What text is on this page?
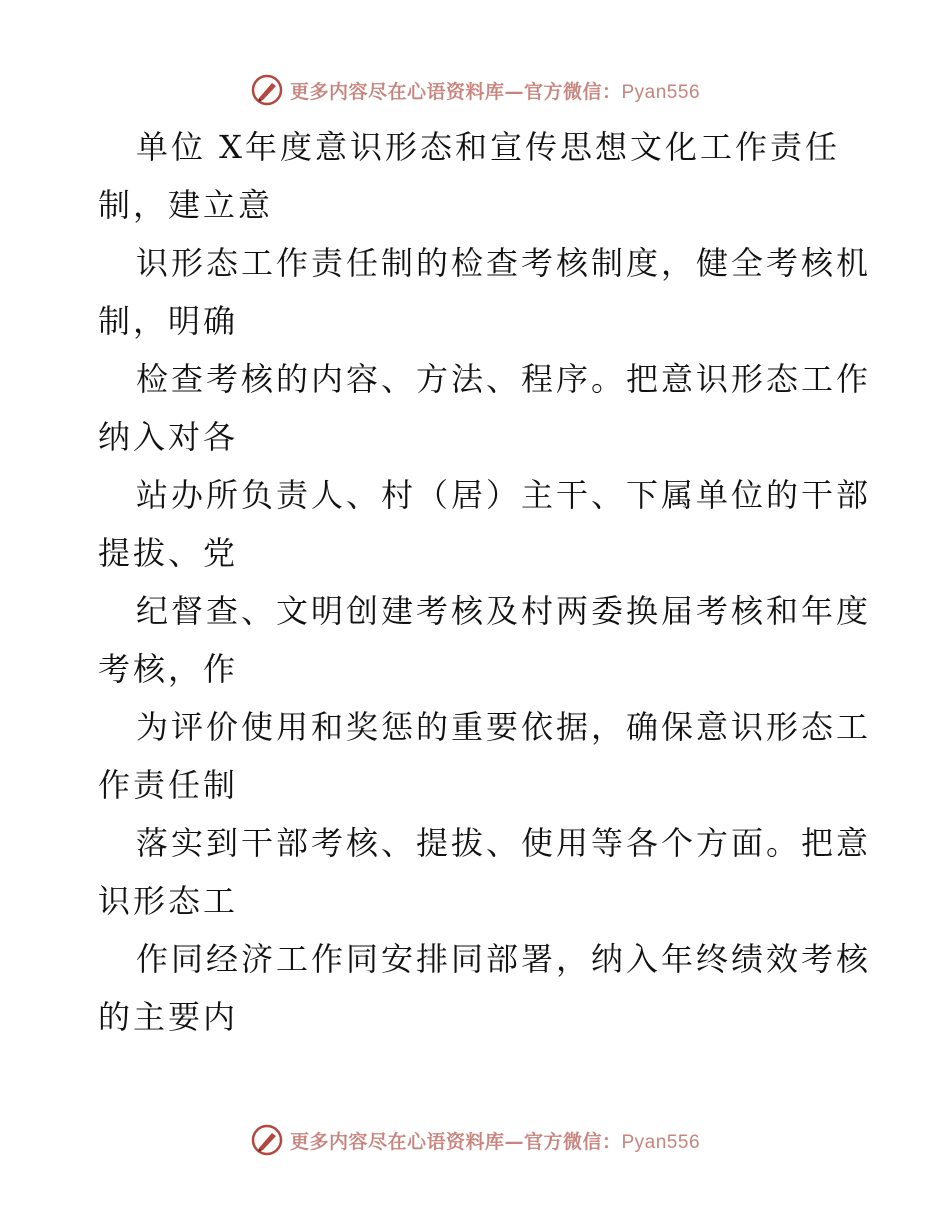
更多内容尽在心语资料库—官方微信：Pyan556

单位 X年度意识形态和宣传思想文化工作责任
制，建立意

识形态工作责任制的检查考核制度，健全考核机
制，明确

检查考核的内容、方法、程序。把意识形态工作
纳入对各

站办所负责人、村（居）主干、下属单位的干部
提拔、党

纪督查、文明创建考核及村两委换届考核和年度
考核，作

为评价使用和奖惩的重要依据，确保意识形态工
作责任制

落实到干部考核、提拔、使用等各个方面。把意
识形态工

作同经济工作同安排同部署，纳入年终绩效考核
的主要内

更多内容尽在心语资料库—官方微信：Pyan556
